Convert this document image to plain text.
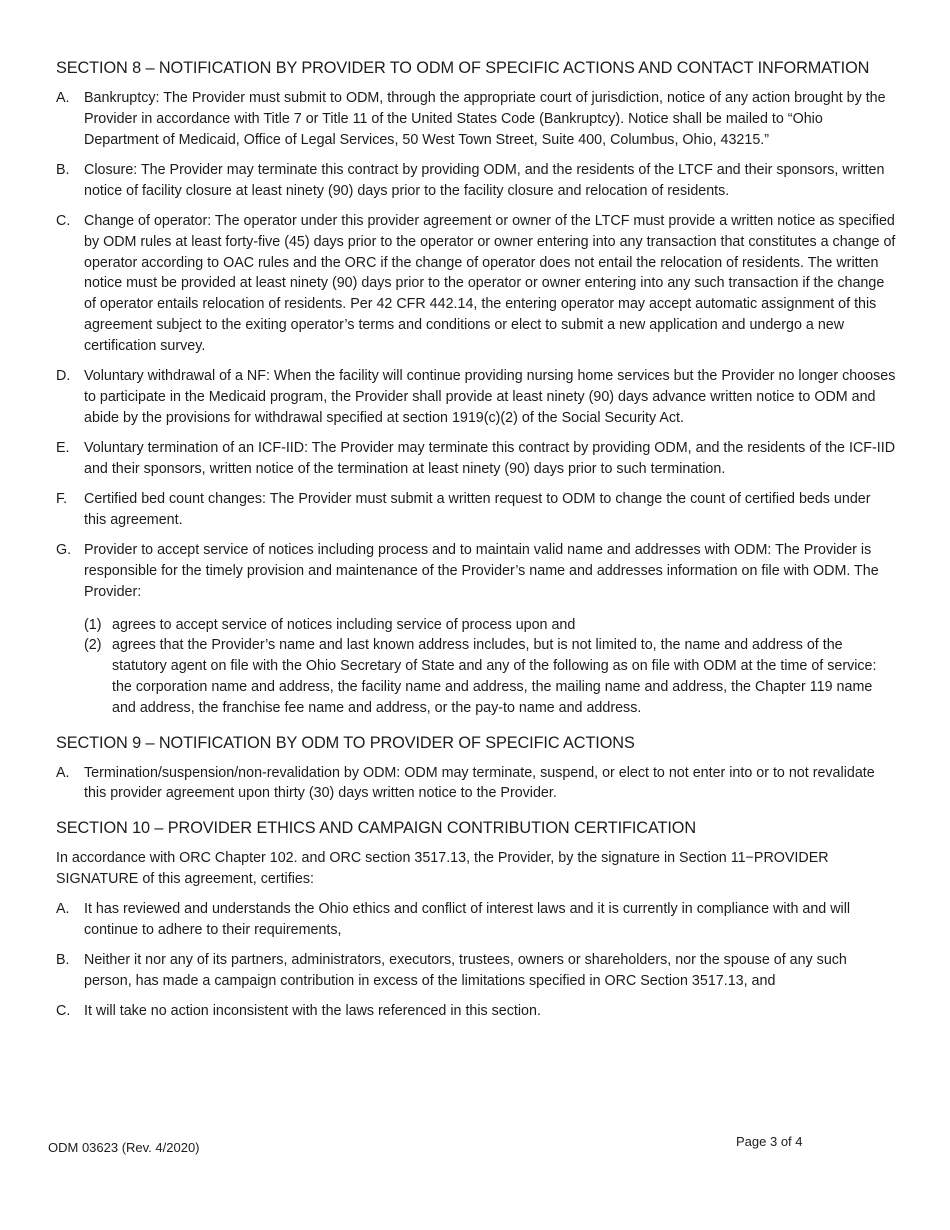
SECTION 8 – NOTIFICATION BY PROVIDER TO ODM OF SPECIFIC ACTIONS AND CONTACT INFORMATION
A.	Bankruptcy: The Provider must submit to ODM, through the appropriate court of jurisdiction, notice of any action brought by the Provider in accordance with Title 7 or Title 11 of the United States Code (Bankruptcy). Notice shall be mailed to “Ohio Department of Medicaid, Office of Legal Services, 50 West Town Street, Suite 400, Columbus, Ohio, 43215.”
B.	Closure: The Provider may terminate this contract by providing ODM, and the residents of the LTCF and their sponsors, written notice of facility closure at least ninety (90) days prior to the facility closure and relocation of residents.
C. Change of operator: The operator under this provider agreement or owner of the LTCF must provide a written notice as specified by ODM rules at least forty-five (45) days prior to the operator or owner entering into any transaction that constitutes a change of operator according to OAC rules and the ORC if the change of operator does not entail the relocation of residents. The written notice must be provided at least ninety (90) days prior to the operator or owner entering into any such transaction if the change of operator entails relocation of residents. Per 42 CFR 442.14, the entering operator may accept automatic assignment of this agreement subject to the exiting operator’s terms and conditions or elect to submit a new application and undergo a new certification survey.
D. Voluntary withdrawal of a NF: When the facility will continue providing nursing home services but the Provider no longer chooses to participate in the Medicaid program, the Provider shall provide at least ninety (90) days advance written notice to ODM and abide by the provisions for withdrawal specified at section 1919(c)(2) of the Social Security Act.
E.	Voluntary termination of an ICF-IID: The Provider may terminate this contract by providing ODM, and the residents of the ICF-IID and their sponsors, written notice of the termination at least ninety (90) days prior to such termination.
F.	Certified bed count changes: The Provider must submit a written request to ODM to change the count of certified beds under this agreement.
G. Provider to accept service of notices including process and to maintain valid name and addresses with ODM: The Provider is responsible for the timely provision and maintenance of the Provider’s name and addresses information on file with ODM. The Provider:
(1) agrees to accept service of notices including service of process upon and
(2) agrees that the Provider’s name and last known address includes, but is not limited to, the name and address of the statutory agent on file with the Ohio Secretary of State and any of the following as on file with ODM at the time of service: the corporation name and address, the facility name and address, the mailing name and address, the Chapter 119 name and address, the franchise fee name and address, or the pay-to name and address.
SECTION 9 – NOTIFICATION BY ODM TO PROVIDER OF SPECIFIC ACTIONS
A.	Termination/suspension/non-revalidation by ODM: ODM may terminate, suspend, or elect to not enter into or to not revalidate this provider agreement upon thirty (30) days written notice to the Provider.
SECTION 10 – PROVIDER ETHICS AND CAMPAIGN CONTRIBUTION CERTIFICATION

In accordance with ORC Chapter 102. and ORC section 3517.13, the Provider, by the signature in Section 11−PROVIDER SIGNATURE of this agreement, certifies:

A.	It has reviewed and understands the Ohio ethics and conflict of interest laws and it is currently in compliance with and will continue to adhere to their requirements,
B.	Neither it nor any of its partners, administrators, executors, trustees, owners or shareholders, nor the spouse of any such person, has made a campaign contribution in excess of the limitations specified in ORC Section 3517.13, and
C. It will take no action inconsistent with the laws referenced in this section.
ODM 03623 (Rev. 4/2020)	Page 3 of 4
